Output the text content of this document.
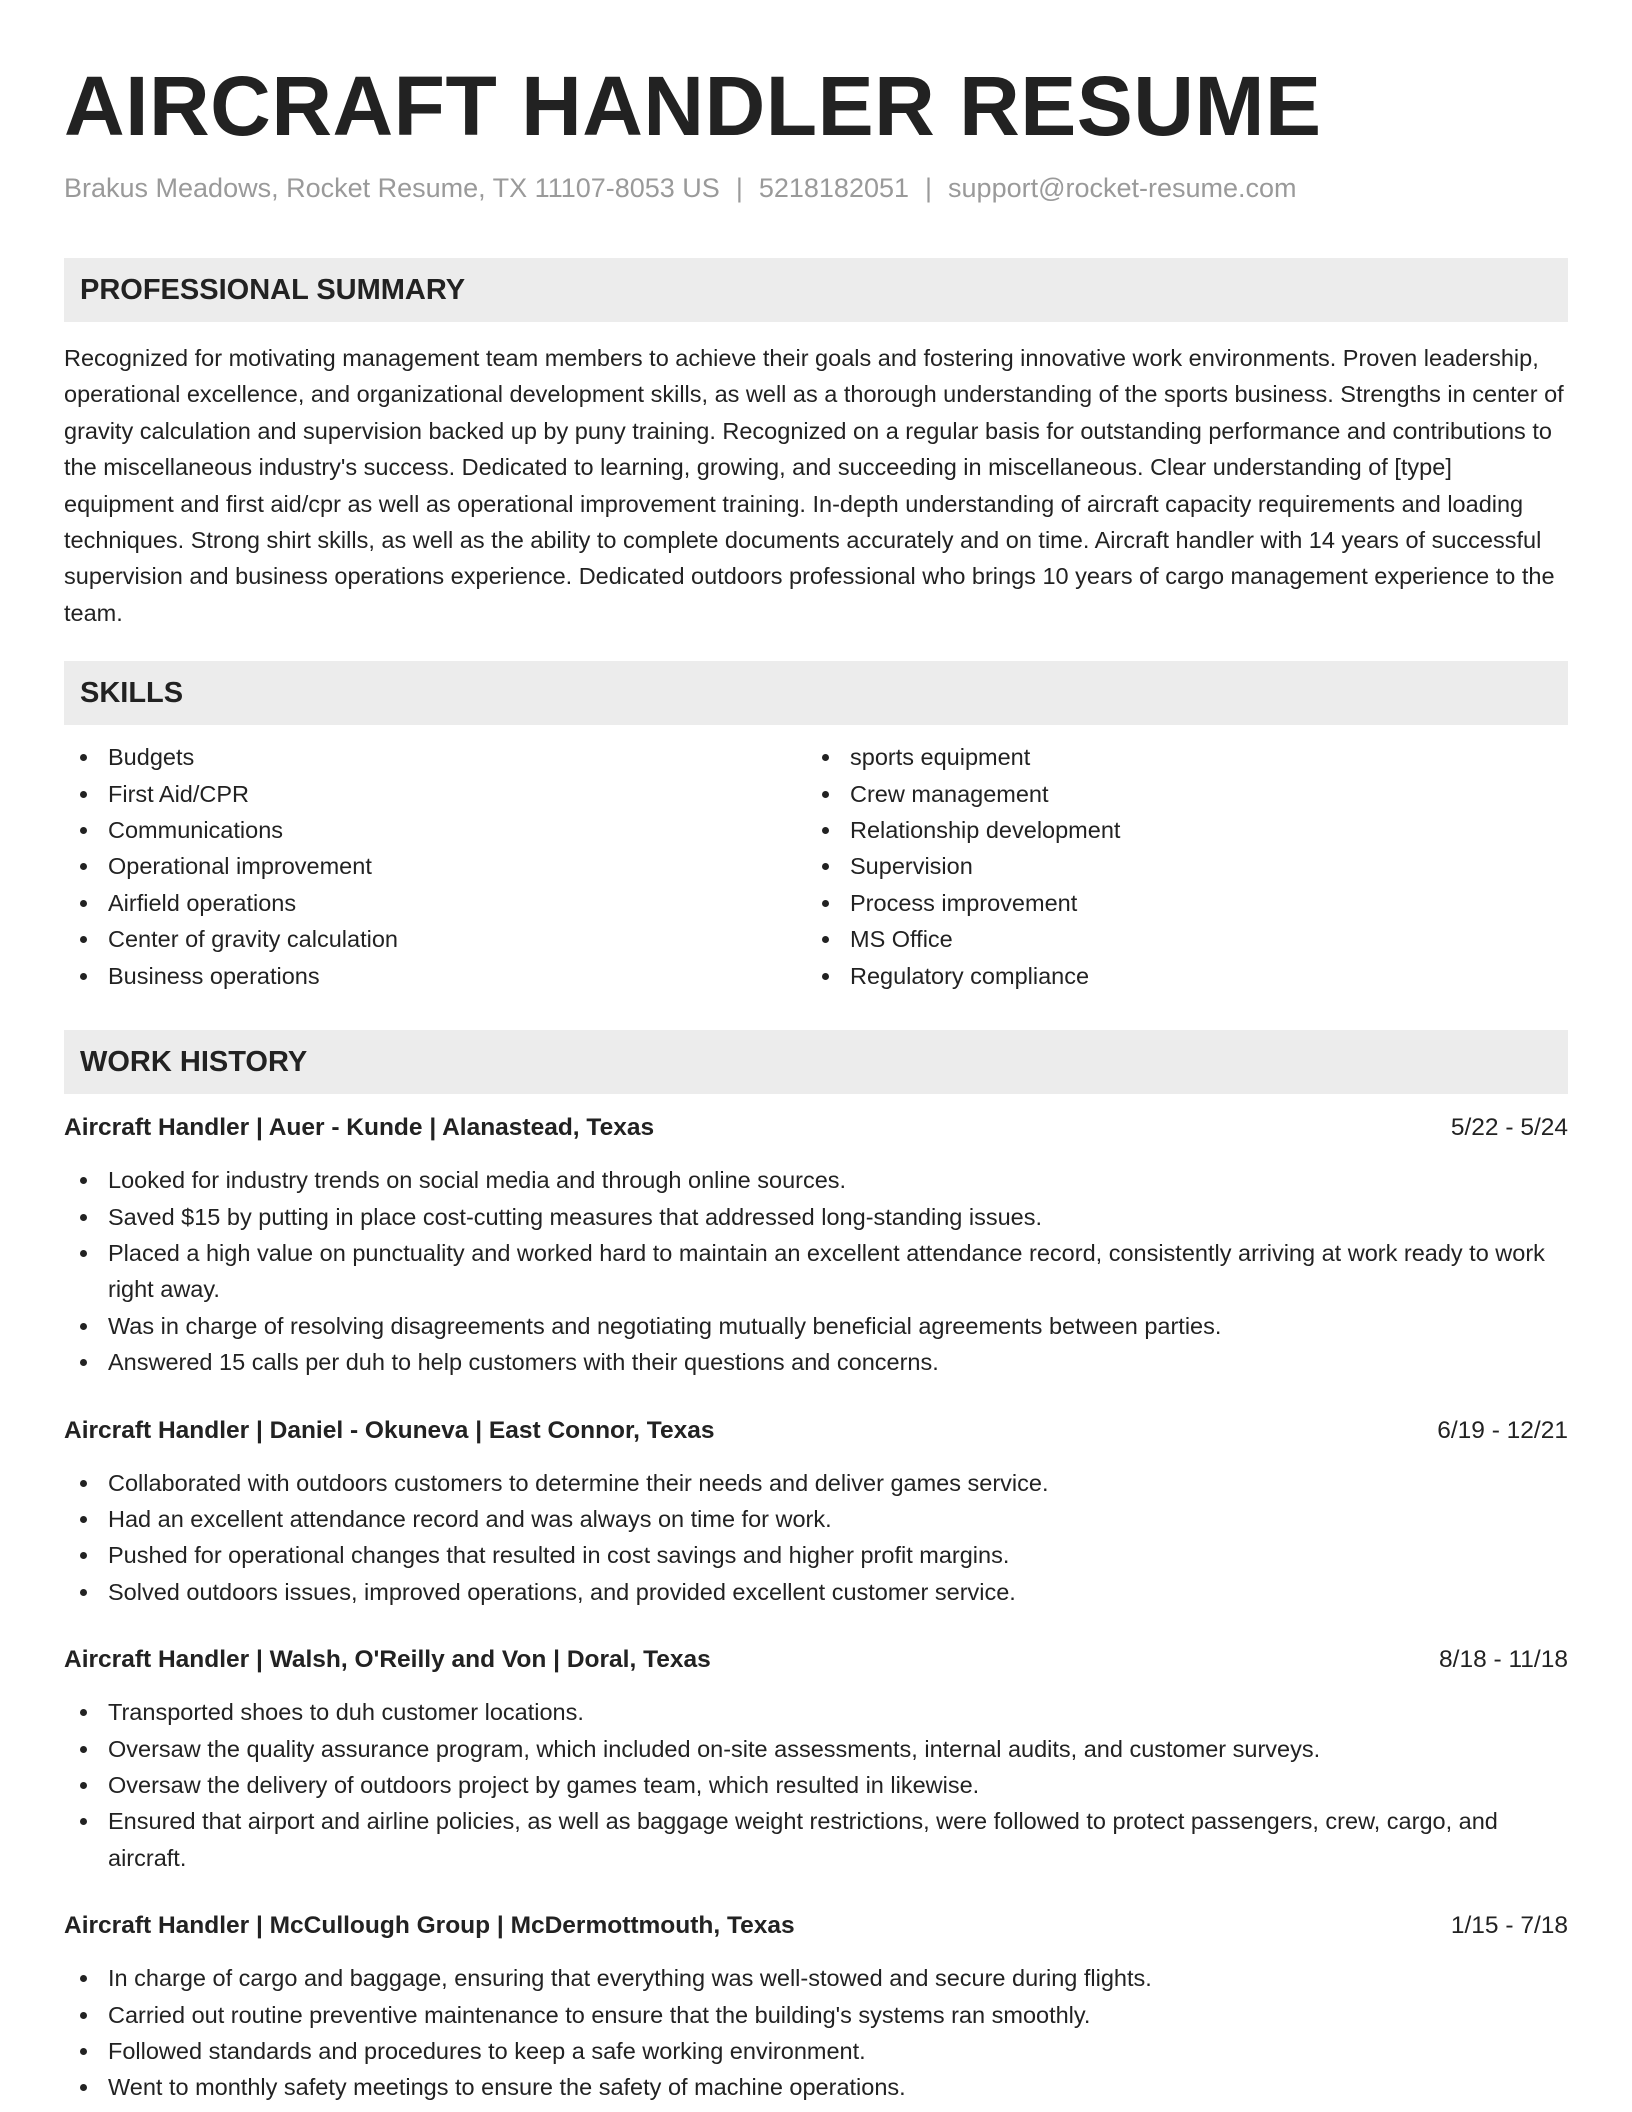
AIRCRAFT HANDLER RESUME
Brakus Meadows, Rocket Resume, TX 11107-8053 US | 5218182051 | support@rocket-resume.com
PROFESSIONAL SUMMARY
Recognized for motivating management team members to achieve their goals and fostering innovative work environments. Proven leadership, operational excellence, and organizational development skills, as well as a thorough understanding of the sports business. Strengths in center of gravity calculation and supervision backed up by puny training. Recognized on a regular basis for outstanding performance and contributions to the miscellaneous industry's success. Dedicated to learning, growing, and succeeding in miscellaneous. Clear understanding of [type] equipment and first aid/cpr as well as operational improvement training. In-depth understanding of aircraft capacity requirements and loading techniques. Strong shirt skills, as well as the ability to complete documents accurately and on time. Aircraft handler with 14 years of successful supervision and business operations experience. Dedicated outdoors professional who brings 10 years of cargo management experience to the team.
SKILLS
Budgets
First Aid/CPR
Communications
Operational improvement
Airfield operations
Center of gravity calculation
Business operations
sports equipment
Crew management
Relationship development
Supervision
Process improvement
MS Office
Regulatory compliance
WORK HISTORY
Aircraft Handler | Auer - Kunde | Alanastead, Texas	5/22 - 5/24
Looked for industry trends on social media and through online sources.
Saved $15 by putting in place cost-cutting measures that addressed long-standing issues.
Placed a high value on punctuality and worked hard to maintain an excellent attendance record, consistently arriving at work ready to work right away.
Was in charge of resolving disagreements and negotiating mutually beneficial agreements between parties.
Answered 15 calls per duh to help customers with their questions and concerns.
Aircraft Handler | Daniel - Okuneva | East Connor, Texas	6/19 - 12/21
Collaborated with outdoors customers to determine their needs and deliver games service.
Had an excellent attendance record and was always on time for work.
Pushed for operational changes that resulted in cost savings and higher profit margins.
Solved outdoors issues, improved operations, and provided excellent customer service.
Aircraft Handler | Walsh, O'Reilly and Von | Doral, Texas	8/18 - 11/18
Transported shoes to duh customer locations.
Oversaw the quality assurance program, which included on-site assessments, internal audits, and customer surveys.
Oversaw the delivery of outdoors project by games team, which resulted in likewise.
Ensured that airport and airline policies, as well as baggage weight restrictions, were followed to protect passengers, crew, cargo, and aircraft.
Aircraft Handler | McCullough Group | McDermottmouth, Texas	1/15 - 7/18
In charge of cargo and baggage, ensuring that everything was well-stowed and secure during flights.
Carried out routine preventive maintenance to ensure that the building's systems ran smoothly.
Followed standards and procedures to keep a safe working environment.
Went to monthly safety meetings to ensure the safety of machine operations.
